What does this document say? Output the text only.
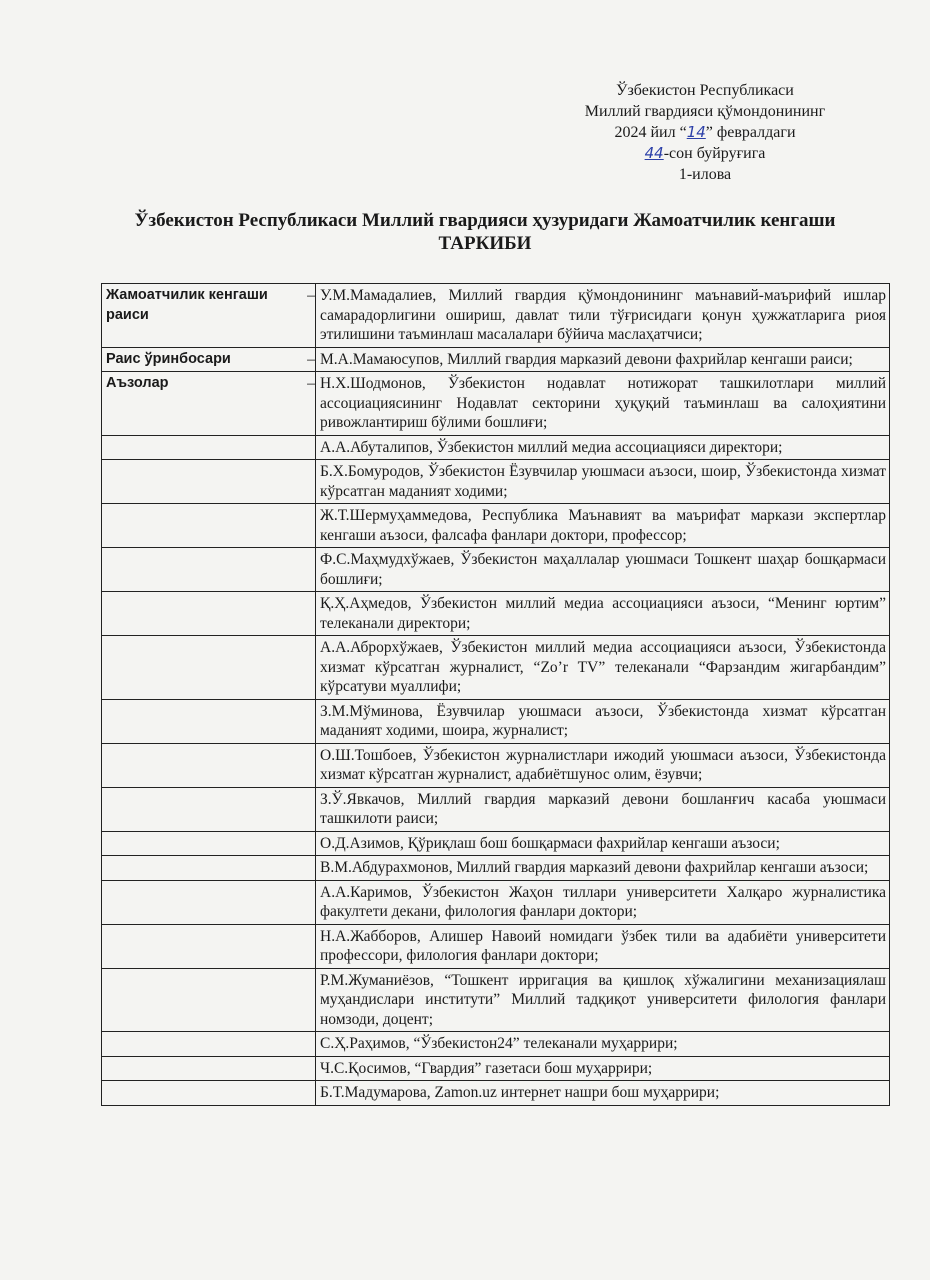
Ўзбекистон Республикаси
Миллий гвардияси қўмондонининг
2024 йил “14” февралдаги
44-сон буйруғига
1-илова
Ўзбекистон Республикаси Миллий гвардияси ҳузуридаги Жамоатчилик кенгаши
ТАРКИБИ
Жамоатчилик кенгаши раиси	–	У.М.Мамадалиев, Миллий гвардия қўмондонининг маънавий-маърифий ишлар самарадорлигини ошириш, давлат тили тўғрисидаги қонун ҳужжатларига риоя этилишини таъминлаш масалалари бўйича маслаҳатчиси;
Раис ўринбосари	–	М.А.Мамаюсупов, Миллий гвардия марказий девони фахрийлар кенгаши раиси;
Аъзолар	–	Н.Х.Шодмонов, Ўзбекистон нодавлат нотижорат ташкилотлари миллий ассоциациясининг Нодавлат секторини ҳуқуқий таъминлаш ва салоҳиятини ривожлантириш бўлими бошлиғи;
		А.А.Абуталипов, Ўзбекистон миллий медиа ассоциацияси директори;
		Б.Х.Бомуродов, Ўзбекистон Ёзувчилар уюшмаси аъзоси, шоир, Ўзбекистонда хизмат кўрсатган маданият ходими;
		Ж.Т.Шермуҳаммедова, Республика Маънавият ва маърифат маркази экспертлар кенгаши аъзоси, фалсафа фанлари доктори, профессор;
		Ф.С.Маҳмудхўжаев, Ўзбекистон маҳаллалар уюшмаси Тошкент шаҳар бошқармаси бошлиғи;
		Қ.Ҳ.Аҳмедов, Ўзбекистон миллий медиа ассоциацияси аъзоси, “Менинг юртим” телеканали директори;
		А.А.Аброрхўжаев, Ўзбекистон миллий медиа ассоциацияси аъзоси, Ўзбекистонда хизмат кўрсатган журналист, “Zo’r TV” телеканали “Фарзандим жигарбандим” кўрсатуви муаллифи;
		З.М.Мўминова, Ёзувчилар уюшмаси аъзоси, Ўзбекистонда хизмат кўрсатган маданият ходими, шоира, журналист;
		О.Ш.Тошбоев, Ўзбекистон журналистлари ижодий уюшмаси аъзоси, Ўзбекистонда хизмат кўрсатган журналист, адабиётшунос олим, ёзувчи;
		З.Ў.Явкачов, Миллий гвардия марказий девони бошланғич касаба уюшмаси ташкилоти раиси;
		О.Д.Азимов, Қўриқлаш бош бошқармаси фахрийлар кенгаши аъзоси;
		В.М.Абдурахмонов, Миллий гвардия марказий девони фахрийлар кенгаши аъзоси;
		А.А.Каримов, Ўзбекистон Жаҳон тиллари университети Халқаро журналистика факултети декани, филология фанлари доктори;
		Н.А.Жабборов, Алишер Навоий номидаги ўзбек тили ва адабиёти университети профессори, филология фанлари доктори;
		Р.М.Жуманиёзов, “Тошкент ирригация ва қишлоқ хўжалигини механизациялаш муҳандислари институти” Миллий тадқиқот университети филология фанлари номзоди, доцент;
		С.Ҳ.Раҳимов, “Ўзбекистон24” телеканали муҳаррири;
		Ч.С.Қосимов, “Гвардия” газетаси бош муҳаррири;
		Б.Т.Мадумарова, Zamon.uz интернет нашри бош муҳаррири;
